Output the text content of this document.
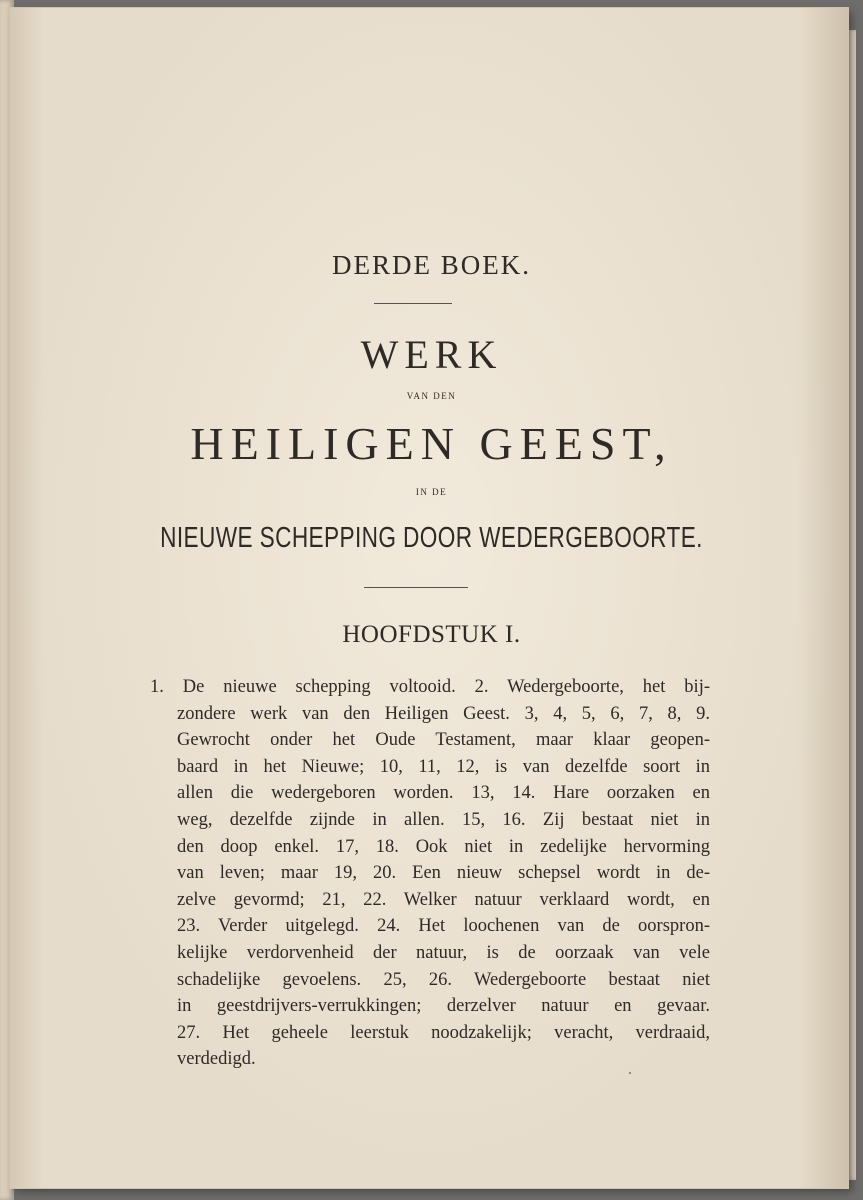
DERDE BOEK.
WERK
VAN DEN
HEILIGEN GEEST,
IN DE
NIEUWE SCHEPPING DOOR WEDERGEBOORTE.
HOOFDSTUK I.
1. De nieuwe schepping voltooid. 2. Wedergeboorte, het bij-
zondere werk van den Heiligen Geest. 3, 4, 5, 6, 7, 8, 9.
Gewrocht onder het Oude Testament, maar klaar geopen-
baard in het Nieuwe; 10, 11, 12, is van dezelfde soort in
allen die wedergeboren worden. 13, 14. Hare oorzaken en
weg, dezelfde zijnde in allen. 15, 16. Zij bestaat niet in
den doop enkel. 17, 18. Ook niet in zedelijke hervorming
van leven; maar 19, 20. Een nieuw schepsel wordt in de-
zelve gevormd; 21, 22. Welker natuur verklaard wordt, en
23. Verder uitgelegd. 24. Het loochenen van de oorspron-
kelijke verdorvenheid der natuur, is de oorzaak van vele
schadelijke gevoelens. 25, 26. Wedergeboorte bestaat niet
in geestdrijvers-verrukkingen; derzelver natuur en gevaar.
27. Het geheele leerstuk noodzakelijk; veracht, verdraaid,
verdedigd.
